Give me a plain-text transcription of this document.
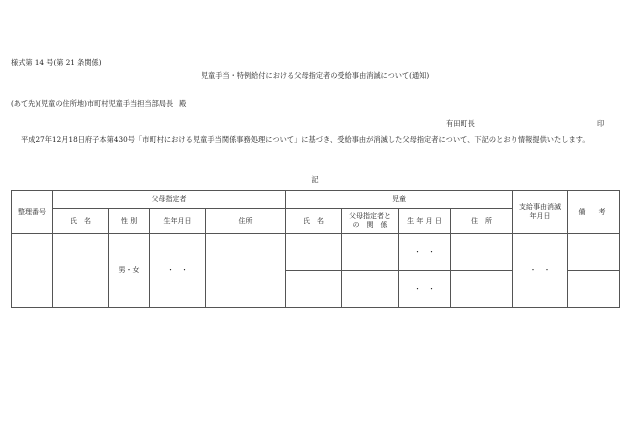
様式第 14 号(第 21 条関係)
児童手当・特例給付における父母指定者の受給事由消滅について(通知)
(あて先)(児童の住所地)市町村児童手当担当部局長 殿
有田町長	印
平成27年12月18日府子本第430号「市町村における児童手当関係事務処理について」に基づき、受給事由が消滅した父母指定者について、下記のとおり情報提供いたします。
記
整理番号	父母指定者				児童				支給事由消滅年月日	備　考
	氏　名	性 別	生年月日	住所	氏　名	父母指定者との　関　係	生 年 月 日	住　所		
		男・女	・　・				・　・		・　・	
							・　・			
